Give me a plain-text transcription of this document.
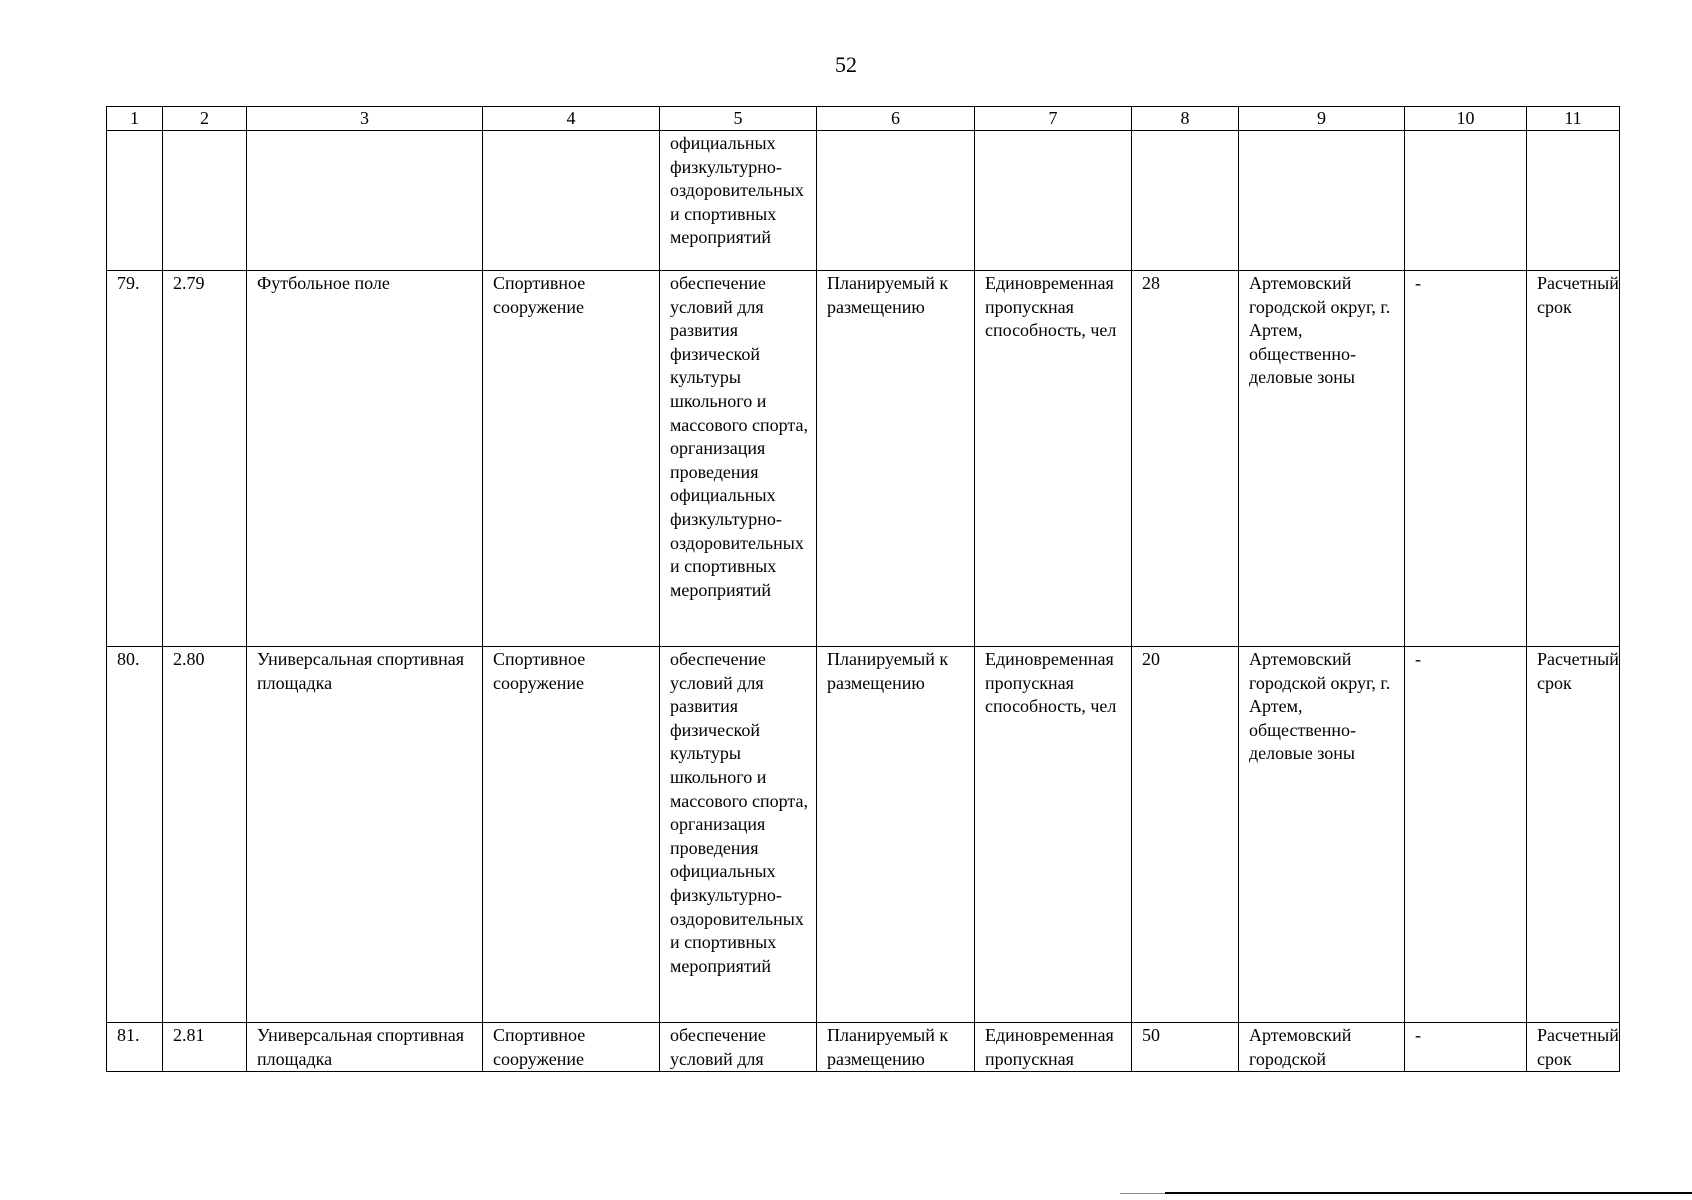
52
1	2	3	4	5	6	7	8	9	10	11
				официальных физкультурно-оздоровительных и спортивных мероприятий						
79.	2.79	Футбольное поле	Спортивное сооружение	обеспечение условий для развития физической культуры школьного и массового спорта, организация проведения официальных физкультурно-оздоровительных и спортивных мероприятий	Планируемый к размещению	Единовременная пропускная способность, чел	28	Артемовский городской округ, г. Артем, общественно-деловые зоны	-	Расчетный срок
80.	2.80	Универсальная спортивная площадка	Спортивное сооружение	обеспечение условий для развития физической культуры школьного и массового спорта, организация проведения официальных физкультурно-оздоровительных и спортивных мероприятий	Планируемый к размещению	Единовременная пропускная способность, чел	20	Артемовский городской округ, г. Артем, общественно-деловые зоны	-	Расчетный срок
81.	2.81	Универсальная спортивная площадка	Спортивное сооружение	обеспечение условий для	Планируемый к размещению	Единовременная пропускная	50	Артемовский городской	-	Расчетный срок
